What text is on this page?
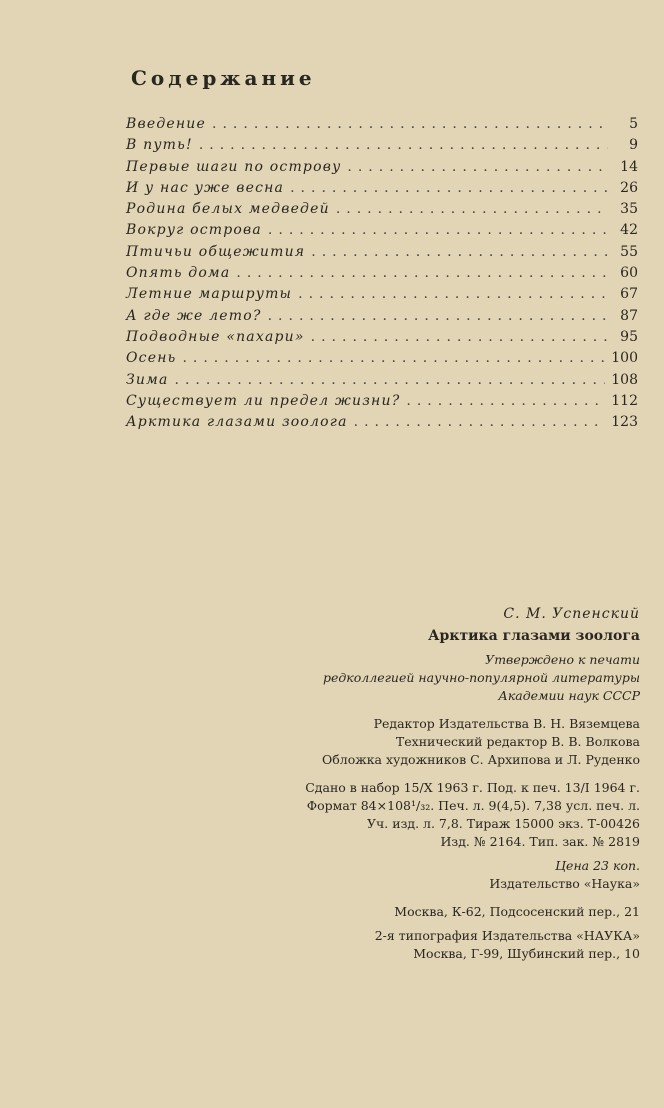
Содержание
Введение .....	5
В путь! .....	9
Первые шаги по острову .....	14
И у нас уже весна .....	26
Родина белых медведей .....	35
Вокруг острова .....	42
Птичьи общежития .....	55
Опять дома .....	60
Летние маршруты .....	67
А где же лето? .....	87
Подводные «пахари» .....	95
Осень .....	100
Зима .....	108
Существует ли предел жизни? .....	112
Арктика глазами зоолога .....	123
С. М. Успенский
Арктика глазами зоолога
Утверждено к печати
редколлегией научно-популярной литературы
Академии наук СССР
Редактор Издательства В. Н. Вяземцева
Технический редактор В. В. Волкова
Обложка художников С. Архипова и Л. Руденко
Сдано в набор 15/X 1963 г. Под. к печ. 13/I 1964 г.
Формат 84×108¹/₃₂. Печ. л. 9(4,5). 7,38 усл. печ. л.
Уч. изд. л. 7,8. Тираж 15000 экз. Т-00426
Изд. № 2164. Тип. зак. № 2819
Цена 23 коп.
Издательство «Наука»
Москва, К-62, Подсосенский пер., 21
2-я типография Издательства «НАУКА»
Москва, Г-99, Шубинский пер., 10
